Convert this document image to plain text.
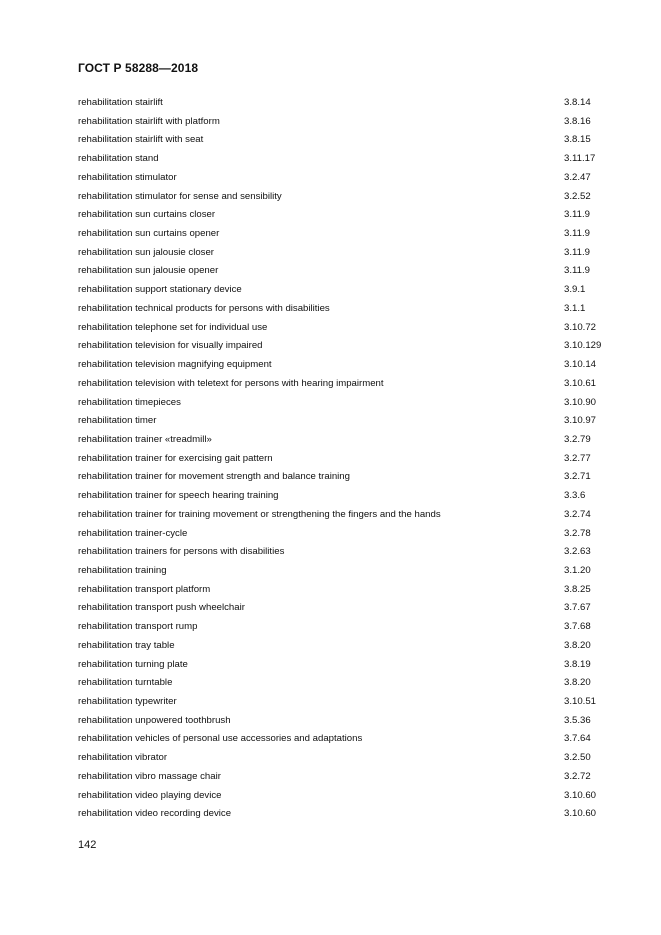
ГОСТ Р 58288—2018
rehabilitation stairlift	3.8.14
rehabilitation stairlift with platform	3.8.16
rehabilitation stairlift with seat	3.8.15
rehabilitation stand	3.11.17
rehabilitation stimulator	3.2.47
rehabilitation stimulator for sense and sensibility	3.2.52
rehabilitation sun curtains closer	3.11.9
rehabilitation sun curtains opener	3.11.9
rehabilitation sun jalousie closer	3.11.9
rehabilitation sun jalousie opener	3.11.9
rehabilitation support stationary device	3.9.1
rehabilitation technical products for persons with disabilities	3.1.1
rehabilitation telephone set for individual use	3.10.72
rehabilitation television for visually impaired	3.10.129
rehabilitation television magnifying equipment	3.10.14
rehabilitation television with teletext for persons with hearing impairment	3.10.61
rehabilitation timepieces	3.10.90
rehabilitation timer	3.10.97
rehabilitation trainer «treadmill»	3.2.79
rehabilitation trainer for exercising gait pattern	3.2.77
rehabilitation trainer for movement strength and balance training	3.2.71
rehabilitation trainer for speech hearing training	3.3.6
rehabilitation trainer for training movement or strengthening the fingers and the hands	3.2.74
rehabilitation trainer-cycle	3.2.78
rehabilitation trainers for persons with disabilities	3.2.63
rehabilitation training	3.1.20
rehabilitation transport platform	3.8.25
rehabilitation transport push wheelchair	3.7.67
rehabilitation transport rump	3.7.68
rehabilitation tray table	3.8.20
rehabilitation turning plate	3.8.19
rehabilitation turntable	3.8.20
rehabilitation typewriter	3.10.51
rehabilitation unpowered toothbrush	3.5.36
rehabilitation vehicles of personal use accessories and adaptations	3.7.64
rehabilitation vibrator	3.2.50
rehabilitation vibro massage chair	3.2.72
rehabilitation video playing device	3.10.60
rehabilitation video recording device	3.10.60
142
